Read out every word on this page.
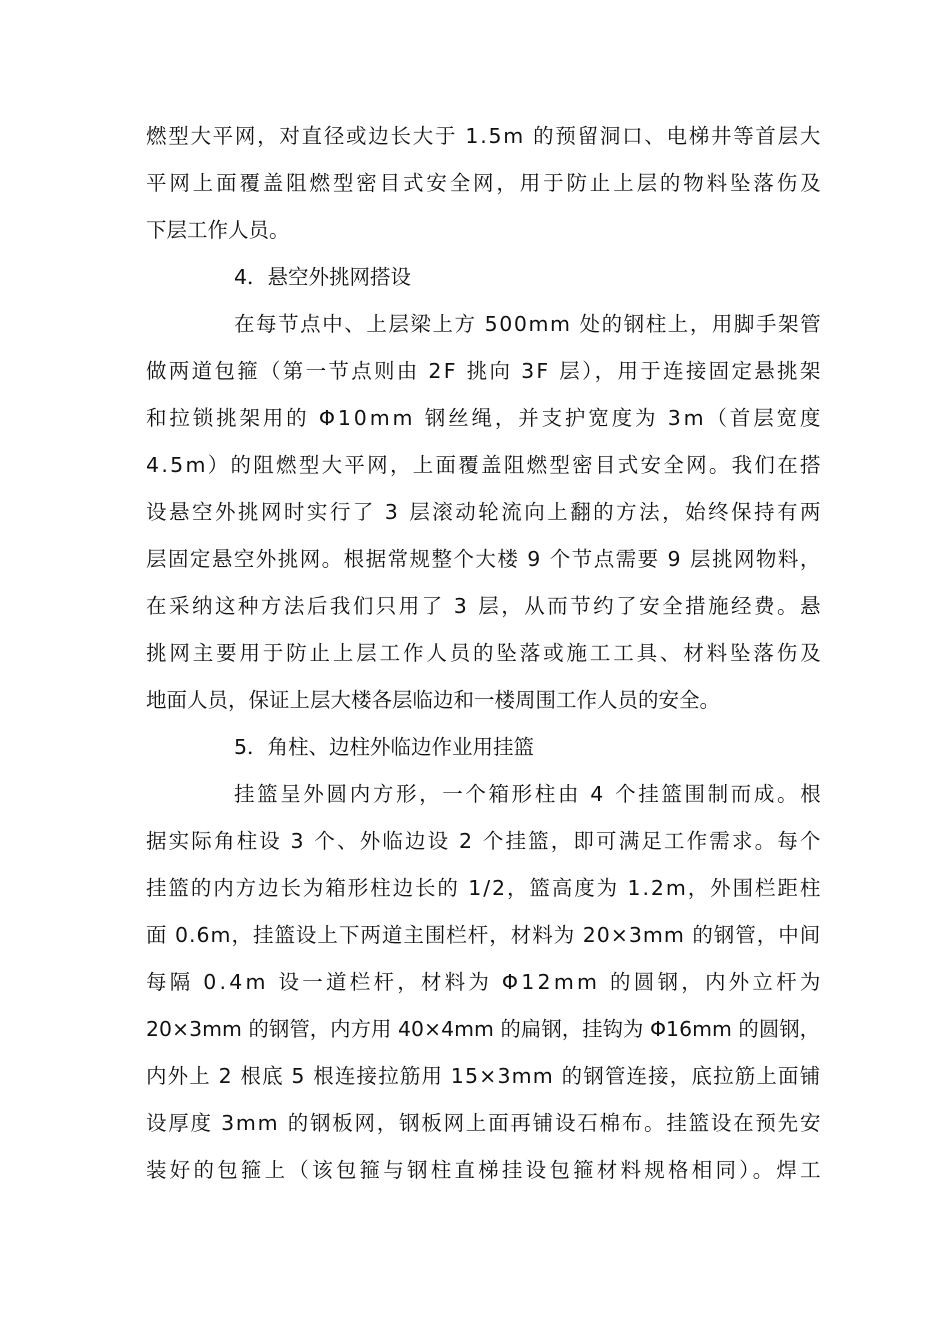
燃型大平网，对直径或边长大于 1.5m 的预留洞口、电梯井等首层大
平网上面覆盖阻燃型密目式安全网，用于防止上层的物料坠落伤及
下层工作人员。
4．悬空外挑网搭设
在每节点中、上层梁上方 500mm 处的钢柱上，用脚手架管
做两道包箍（第一节点则由 2F 挑向 3F 层），用于连接固定悬挑架
和拉锁挑架用的 Φ10mm 钢丝绳，并支护宽度为 3m（首层宽度
4.5m）的阻燃型大平网，上面覆盖阻燃型密目式安全网。我们在搭
设悬空外挑网时实行了 3 层滚动轮流向上翻的方法，始终保持有两
层固定悬空外挑网。根据常规整个大楼 9 个节点需要 9 层挑网物料，
在采纳这种方法后我们只用了 3 层，从而节约了安全措施经费。悬
挑网主要用于防止上层工作人员的坠落或施工工具、材料坠落伤及
地面人员，保证上层大楼各层临边和一楼周围工作人员的安全。
5．角柱、边柱外临边作业用挂篮
挂篮呈外圆内方形，一个箱形柱由 4 个挂篮围制而成。根
据实际角柱设 3 个、外临边设 2 个挂篮，即可满足工作需求。每个
挂篮的内方边长为箱形柱边长的 1/2，篮高度为 1.2m，外围栏距柱
面 0.6m，挂篮设上下两道主围栏杆，材料为 20×3mm 的钢管，中间
每隔 0.4m 设一道栏杆，材料为 Φ12mm 的圆钢，内外立杆为
20×3mm 的钢管，内方用 40×4mm 的扁钢，挂钩为 Φ16mm 的圆钢，
内外上 2 根底 5 根连接拉筋用 15×3mm 的钢管连接，底拉筋上面铺
设厚度 3mm 的钢板网，钢板网上面再铺设石棉布。挂篮设在预先安
装好的包箍上（该包箍与钢柱直梯挂设包箍材料规格相同）。焊工
